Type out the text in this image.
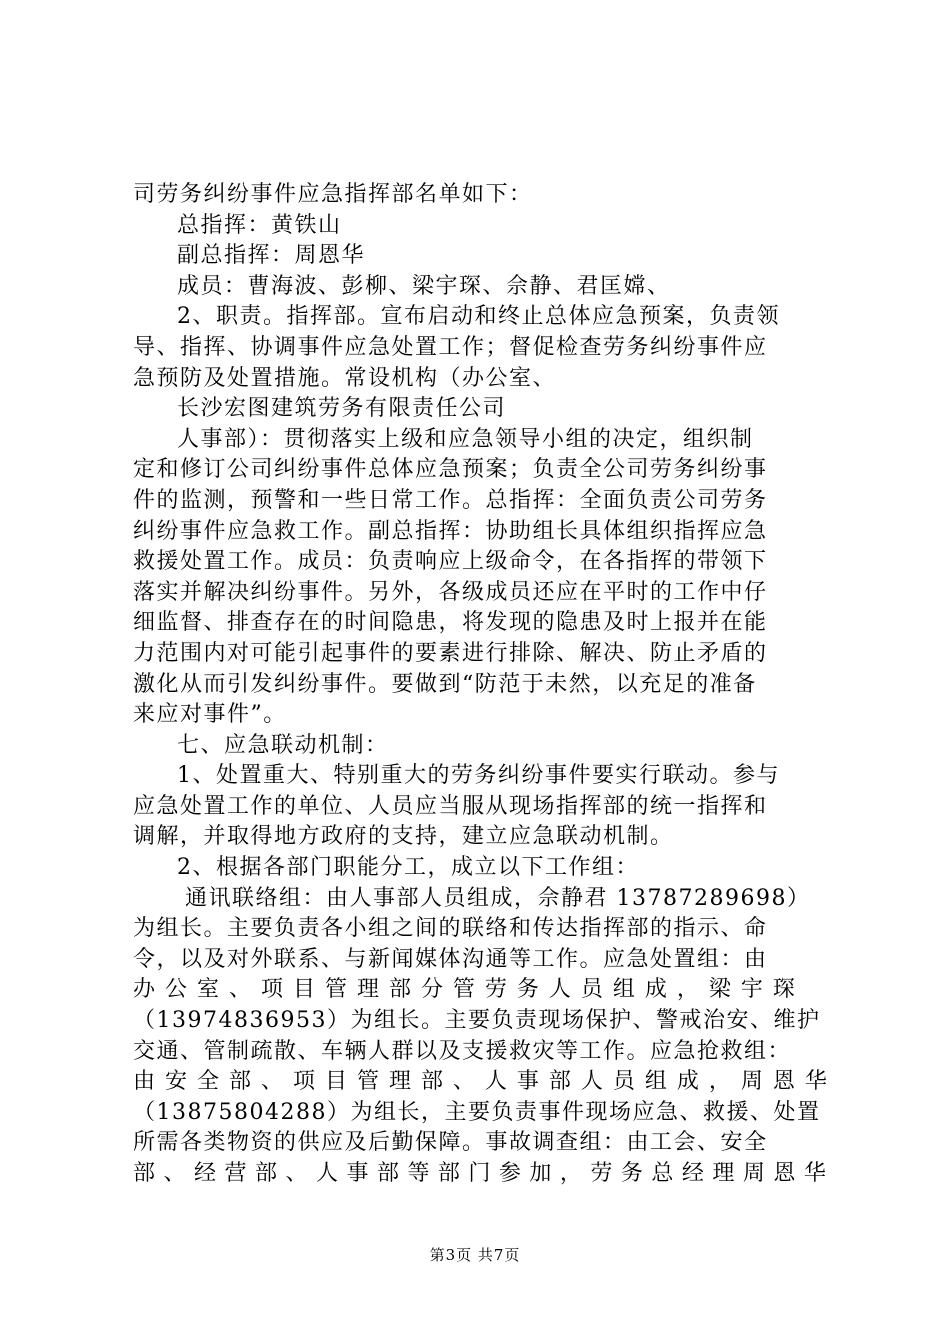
司劳务纠纷事件应急指挥部名单如下：
总指挥：黄铁山
副总指挥：周恩华
成员：曹海波、彭柳、梁宇琛、佘静、君匡嫦、
2、职责。指挥部。宣布启动和终止总体应急预案，负责领
导、指挥、协调事件应急处置工作；督促检查劳务纠纷事件应
急预防及处置措施。常设机构（办公室、
长沙宏图建筑劳务有限责任公司
人事部）：贯彻落实上级和应急领导小组的决定，组织制
定和修订公司纠纷事件总体应急预案；负责全公司劳务纠纷事
件的监测，预警和一些日常工作。总指挥：全面负责公司劳务
纠纷事件应急救工作。副总指挥：协助组长具体组织指挥应急
救援处置工作。成员：负责响应上级命令，在各指挥的带领下
落实并解决纠纷事件。另外，各级成员还应在平时的工作中仔
细监督、排查存在的时间隐患，将发现的隐患及时上报并在能
力范围内对可能引起事件的要素进行排除、解决、防止矛盾的
激化从而引发纠纷事件。要做到“防范于未然，以充足的准备
来应对事件”。
七、应急联动机制：
1、处置重大、特别重大的劳务纠纷事件要实行联动。参与
应急处置工作的单位、人员应当服从现场指挥部的统一指挥和
调解，并取得地方政府的支持，建立应急联动机制。
2、根据各部门职能分工，成立以下工作组：
通讯联络组：由人事部人员组成，佘静君 13787289698）
为组长。主要负责各小组之间的联络和传达指挥部的指示、命
令，以及对外联系、与新闻媒体沟通等工作。应急处置组：由
办 公 室 、 项 目 管 理 部 分 管 劳 务 人 员 组 成 ， 梁 宇 琛
（13974836953）为组长。主要负责现场保护、警戒治安、维护
交通、管制疏散、车辆人群以及支援救灾等工作。应急抢救组：
由 安 全 部 、 项 目 管 理 部 、 人 事 部 人 员 组 成 ， 周 恩 华
（13875804288）为组长，主要负责事件现场应急、救援、处置
所需各类物资的供应及后勤保障。事故调查组：由工会、安全
部 、 经 营 部 、 人 事 部 等 部 门 参 加 ， 劳 务 总 经 理 周 恩 华
第3页 共7页
